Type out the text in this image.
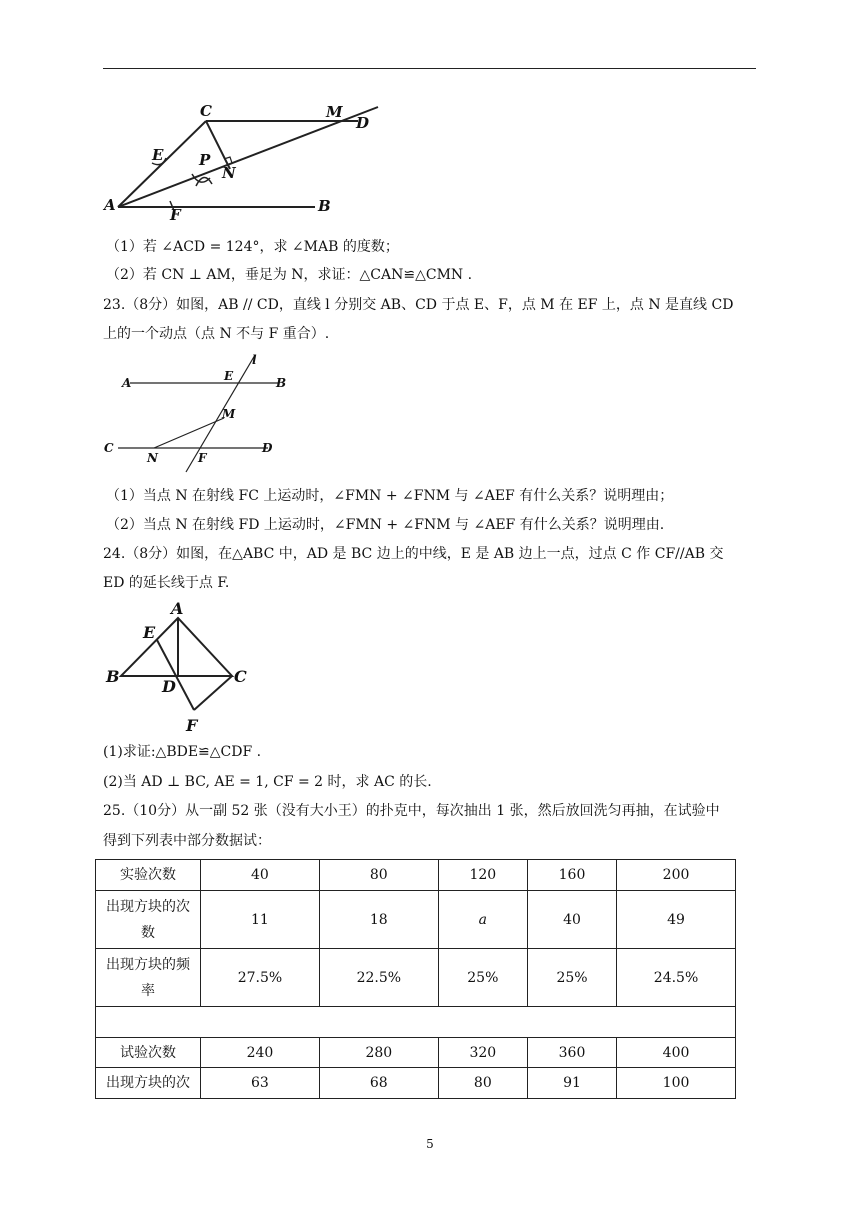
C	M
D
E P
N
A
F	B
（1）若 ∠ACD = 124°，求 ∠MAB 的度数；
（2）若 CN ⊥ AM，垂足为 N，求证：△CAN≌△CMN .
23.（8分）如图，AB // CD，直线 l 分别交 AB、CD 于点 E、F，点 M 在 EF 上，点 N 是直线 CD
上的一个动点（点 N 不与 F 重合）.
l
A	E	B
M
C
N	F
D
（1）当点 N 在射线 FC 上运动时，∠FMN + ∠FNM 与 ∠AEF 有什么关系？说明理由；
（2）当点 N 在射线 FD 上运动时，∠FMN + ∠FNM 与 ∠AEF 有什么关系？说明理由.
24.（8分）如图，在△ABC 中，AD 是 BC 边上的中线，E 是 AB 边上一点，过点 C 作 CF//AB 交
ED 的延长线于点 F.
A
E
B
D
C
F
(1)求证:△BDE≌△CDF .
(2)当 AD ⊥ BC, AE = 1, CF = 2 时，求 AC 的长.
25.（10分）从一副 52 张（没有大小王）的扑克中，每次抽出 1 张，然后放回洗匀再抽，在试验中
得到下列表中部分数据试：
实验次数	40	80	120	160	200
出现方块的次数	11	18	a	40	49
出现方块的频率	27.5%	22.5%	25%	25%	24.5%

试验次数	240	280	320	360	400
出现方块的次	63	68	80	91	100
5
